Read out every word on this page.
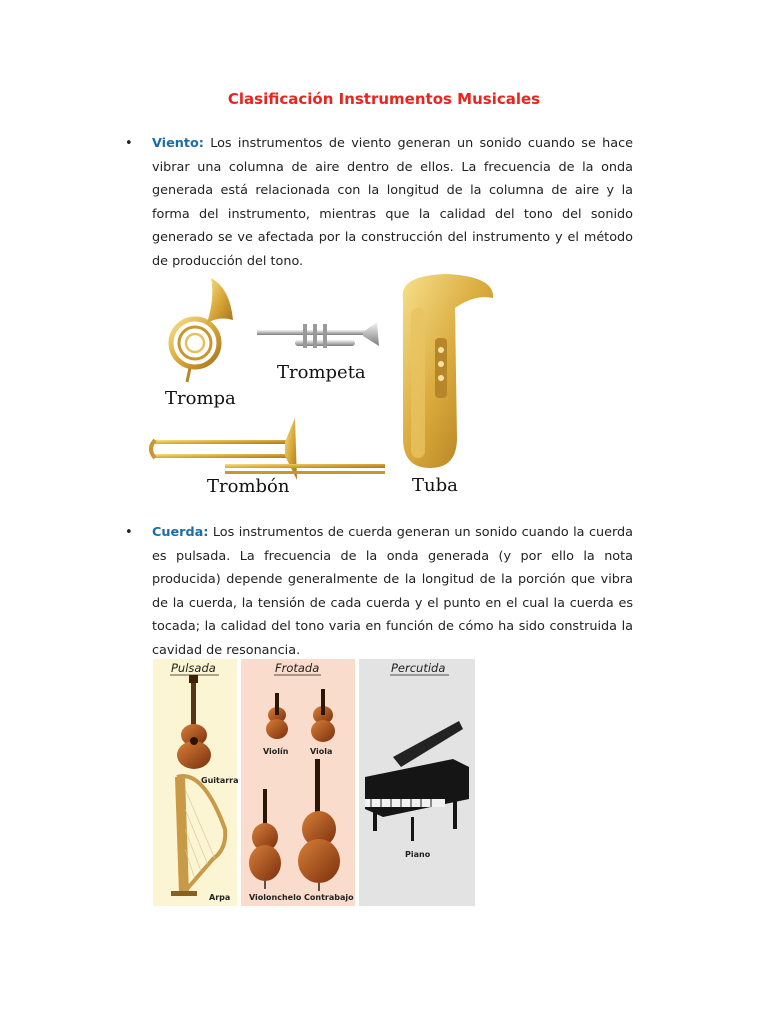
Clasificación Instrumentos Musicales
• Viento: Los instrumentos de viento generan un sonido cuando se hace vibrar una columna de aire dentro de ellos. La frecuencia de la onda generada está relacionada con la longitud de la columna de aire y la forma del instrumento, mientras que la calidad del tono del sonido generado se ve afectada por la construcción del instrumento y el método de producción del tono.

Trompa
Trompeta
Trombón	Tuba
• Cuerda: Los instrumentos de cuerda generan un sonido cuando la cuerda es pulsada. La frecuencia de la onda generada (y por ello la nota producida) depende generalmente de la longitud de la porción que vibra de la cuerda, la tensión de cada cuerda y el punto en el cual la cuerda es tocada; la calidad del tono varia en función de cómo ha sido construida la cavidad de resonancia.

Pulsada	Frotada	Percutida
Guitarra
Arpa
Violín	Viola
Violonchelo Contrabajo
Piano
